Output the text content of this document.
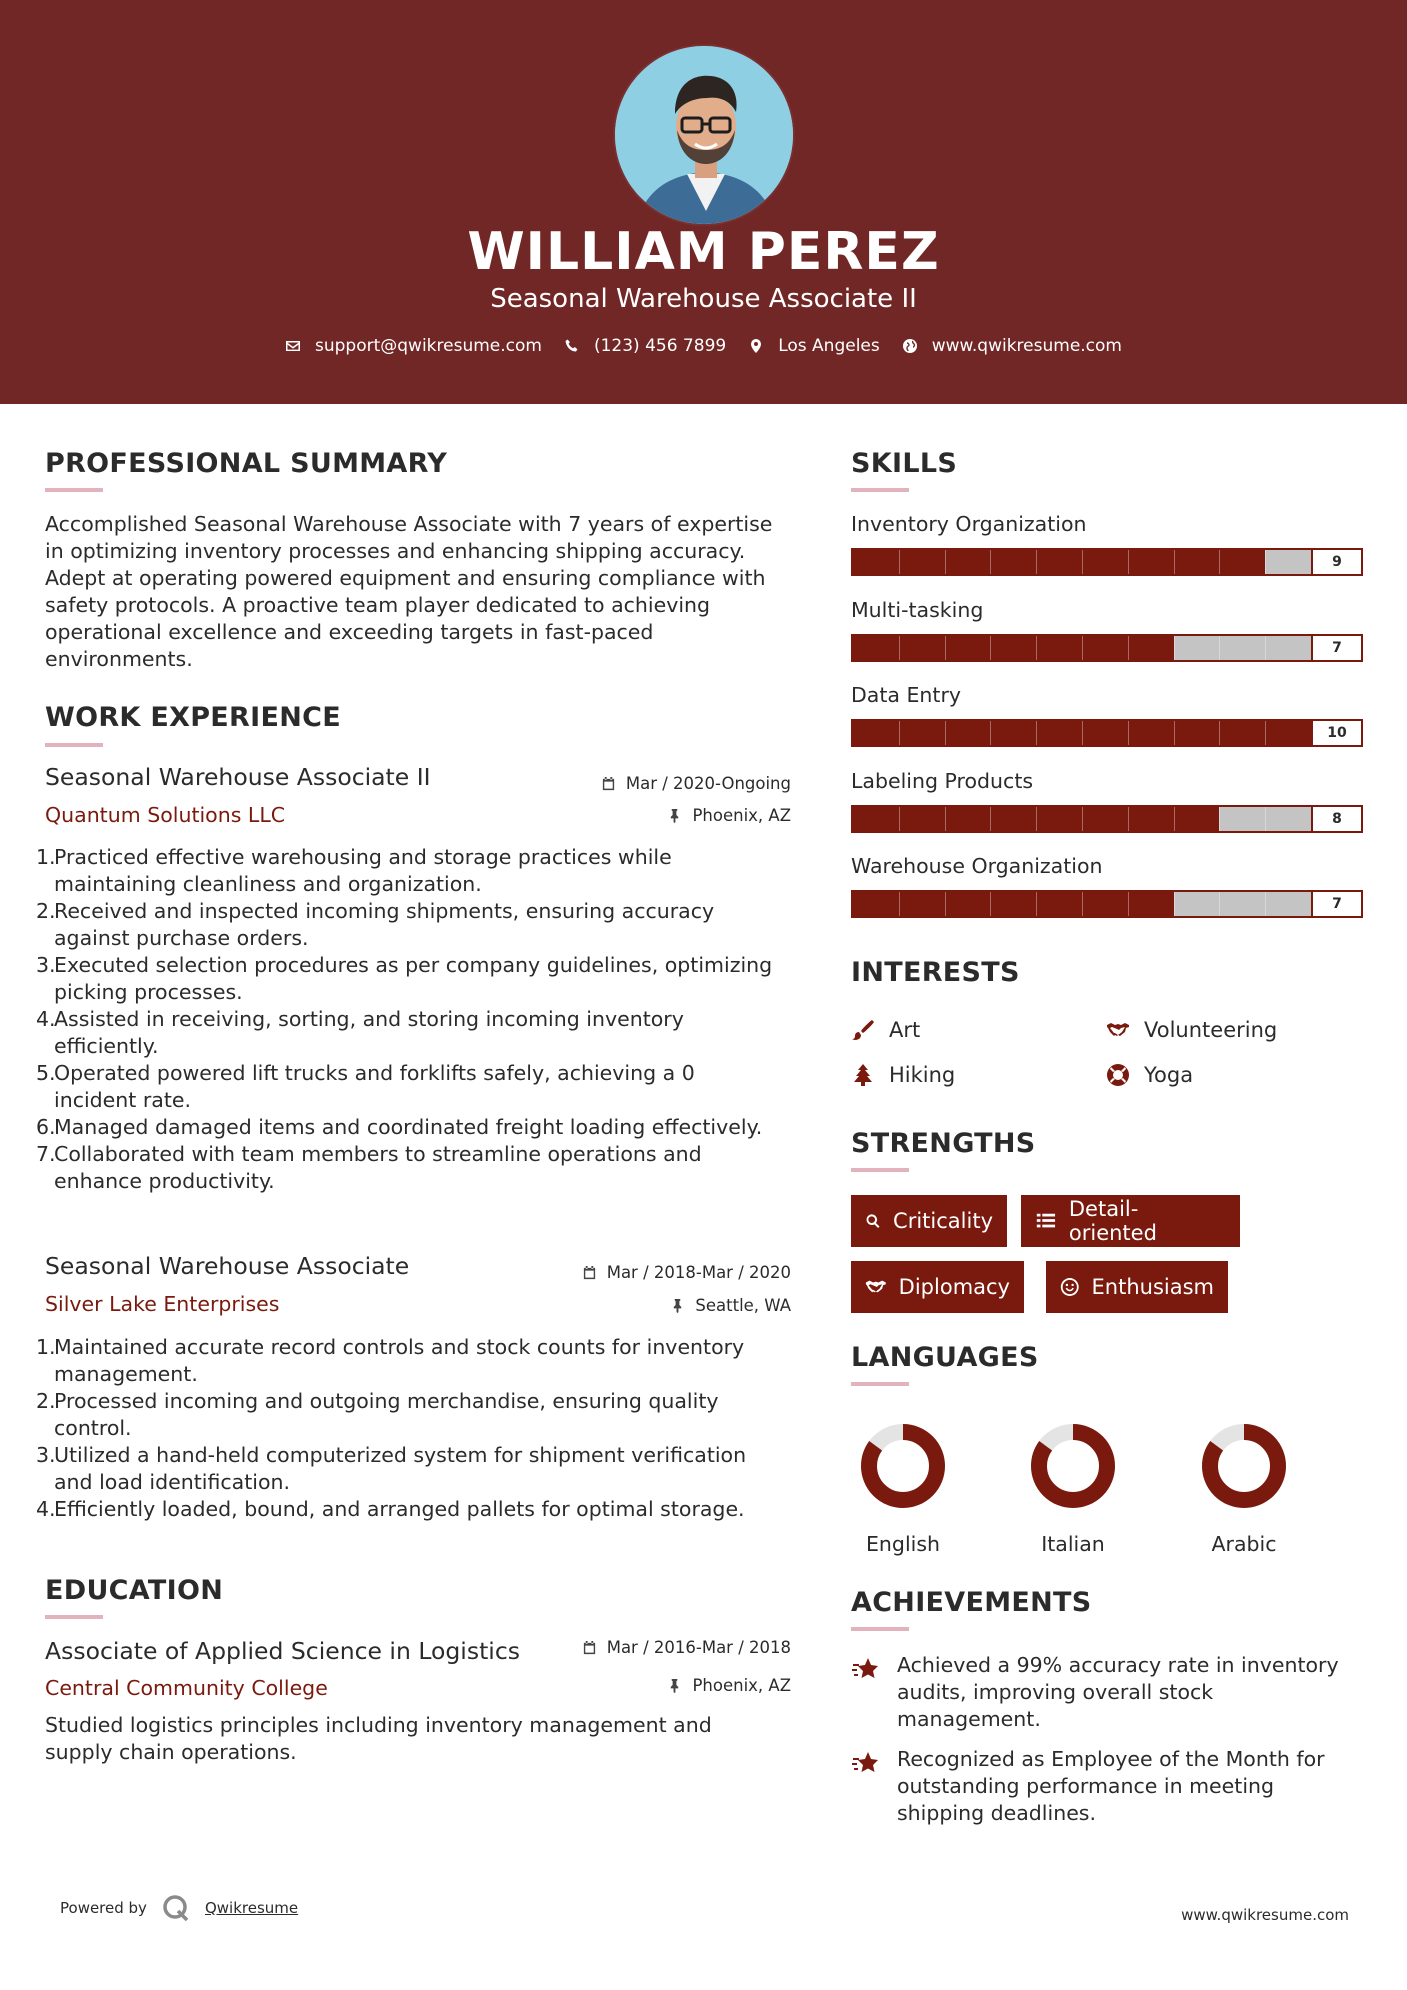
WILLIAM PEREZ
Seasonal Warehouse Associate II
support@qwikresume.com	(123) 456 7899	Los Angeles	www.qwikresume.com
PROFESSIONAL SUMMARY
Accomplished Seasonal Warehouse Associate with 7 years of expertise in optimizing inventory processes and enhancing shipping accuracy. Adept at operating powered equipment and ensuring compliance with safety protocols. A proactive team player dedicated to achieving operational excellence and exceeding targets in fast-paced environments.
WORK EXPERIENCE
Seasonal Warehouse Associate II
Quantum Solutions LLC
Mar / 2020-Ongoing
Phoenix, AZ
1.
Practiced effective warehousing and storage practices while maintaining cleanliness and organization.
2.
Received and inspected incoming shipments, ensuring accuracy against purchase orders.
3.
Executed selection procedures as per company guidelines, optimizing picking processes.
4.
Assisted in receiving, sorting, and storing incoming inventory efficiently.
5.
Operated powered lift trucks and forklifts safely, achieving a 0 incident rate.
6.
Managed damaged items and coordinated freight loading effectively.
7.
Collaborated with team members to streamline operations and enhance productivity.
Seasonal Warehouse Associate
Silver Lake Enterprises
Mar / 2018-Mar / 2020
Seattle, WA
1.
Maintained accurate record controls and stock counts for inventory management.
2.
Processed incoming and outgoing merchandise, ensuring quality control.
3.
Utilized a hand-held computerized system for shipment verification and load identification.
4.
Efficiently loaded, bound, and arranged pallets for optimal storage.
EDUCATION
Associate of Applied Science in Logistics
Central Community College
Mar / 2016-Mar / 2018
Phoenix, AZ
Studied logistics principles including inventory management and supply chain operations.
SKILLS
Inventory Organization
9
Multi-tasking
7
Data Entry
10
Labeling Products
8
Warehouse Organization
7
INTERESTS
Art	Volunteering
Hiking	Yoga
STRENGTHS
Criticality	Detail-oriented
Diplomacy	Enthusiasm
LANGUAGES
English	Italian	Arabic
ACHIEVEMENTS
Achieved a 99% accuracy rate in inventory audits, improving overall stock management.
Recognized as Employee of the Month for outstanding performance in meeting shipping deadlines.
Powered by	Qwikresume	www.qwikresume.com
